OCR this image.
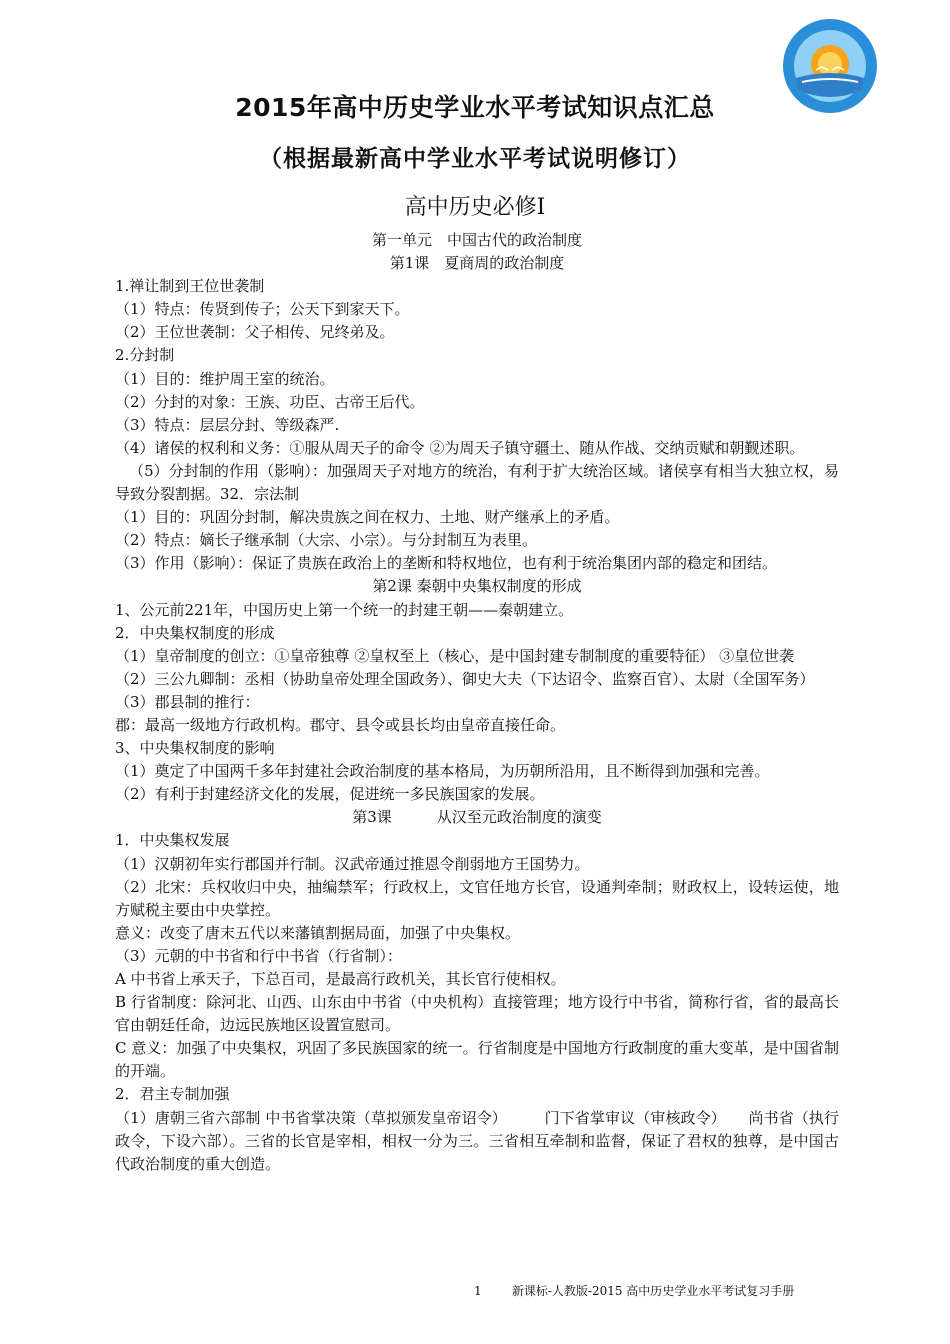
2015年高中历史学业水平考试知识点汇总
（根据最新高中学业水平考试说明修订）
高中历史必修Ⅰ

第一单元　中国古代的政治制度

第1课　夏商周的政治制度

1.禅让制到王位世袭制

（1）特点：传贤到传子；公天下到家天下。

（2）王位世袭制：父子相传、兄终弟及。

2.分封制

（1）目的：维护周王室的统治。

（2）分封的对象：王族、功臣、古帝王后代。

（3）特点：层层分封、等级森严.

（4）诸侯的权利和义务：①服从周天子的命令 ②为周天子镇守疆土、随从作战、交纳贡赋和朝觐述职。

（5）分封制的作用（影响）：加强周天子对地方的统治，有利于扩大统治区域。诸侯享有相当大独立权，易导致分裂割据。32．宗法制

（1）目的：巩固分封制，解决贵族之间在权力、土地、财产继承上的矛盾。

（2）特点：嫡长子继承制（大宗、小宗）。与分封制互为表里。

（3）作用（影响）：保证了贵族在政治上的垄断和特权地位，也有利于统治集团内部的稳定和团结。

第2课 秦朝中央集权制度的形成

1、公元前221年，中国历史上第一个统一的封建王朝——秦朝建立。

2．中央集权制度的形成

（1）皇帝制度的创立：①皇帝独尊 ②皇权至上（核心，是中国封建专制制度的重要特征） ③皇位世袭

（2）三公九卿制：丞相（协助皇帝处理全国政务）、御史大夫（下达诏令、监察百官）、太尉（全国军务）

（3）郡县制的推行：

郡：最高一级地方行政机构。郡守、县令或县长均由皇帝直接任命。

3、中央集权制度的影响

（1）奠定了中国两千多年封建社会政治制度的基本格局，为历朝所沿用，且不断得到加强和完善。

（2）有利于封建经济文化的发展，促进统一多民族国家的发展。

第3课　　　从汉至元政治制度的演变

1．中央集权发展

（1）汉朝初年实行郡国并行制。汉武帝通过推恩令削弱地方王国势力。

（2）北宋：兵权收归中央，抽编禁军；行政权上，文官任地方长官，设通判牵制；财政权上，设转运使，地方赋税主要由中央掌控。

意义：改变了唐末五代以来藩镇割据局面，加强了中央集权。

（3）元朝的中书省和行中书省（行省制）：

A 中书省上承天子，下总百司，是最高行政机关，其长官行使相权。

B 行省制度：除河北、山西、山东由中书省（中央机构）直接管理；地方设行中书省，简称行省，省的最高长官由朝廷任命，边远民族地区设置宣慰司。

C 意义：加强了中央集权，巩固了多民族国家的统一。行省制度是中国地方行政制度的重大变革，是中国省制的开端。

2．君主专制加强

（1）唐朝三省六部制 中书省掌决策（草拟颁发皇帝诏令）　　　门下省掌审议（审核政令）　　尚书省（执行政令，下设六部）。三省的长官是宰相，相权一分为三。三省相互牵制和监督，保证了君权的独尊，是中国古代政治制度的重大创造。

1	新课标-人教版-2015 高中历史学业水平考试复习手册
